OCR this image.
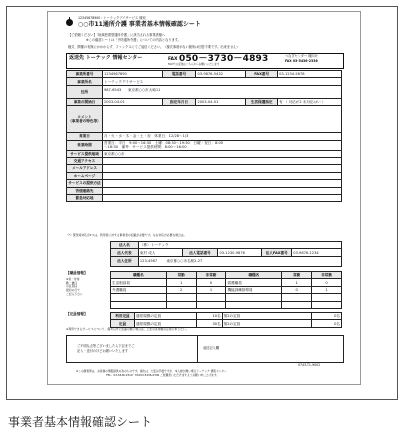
12345678900 : トーテックデイサービス 様宛
○○市11通所介護 事業者基本情報確認シート
【ご依頼ください】「地域密着型通所介護」に該当される事業者様へ
※この確認シートは「予防通所介護」についての内容となります。
様式、開催の有無にかかわらず、ファックスにてご返信ください。（様式事項がない箇所は回答不要です。出来ません）
返送先 トーテック 情報センター	FAX 050－3730－4893
FAXでの返送はこちらからお願いいたします
つなぎセンター 様向け
FAX 03-5436-2336
事業所番号	1234567890	電話番号	03-9876-5432	FAX番号	03-1234-5678
事業所名	トーテックデイサービス				
住所	987-6543 東京都○○市大崎11				

事業の開始日	2003-04-01	指定年月日	2003-04-01	生活保護指定	有 （ 対応が2 未対応はい ）

コメント
（事業者の特色等）					

営業日	月・火・水・木・金・土・祝　休業日：12/28～1/3				
営業時間	営業日：平日　9:00～16:30　土曜：08:30～19:30　日曜・祝日：8:00
～16:30　備考：サービス提供時間：8:00～16:00				

サービス提供地域	東京都○○市				
交通アクセス					
メールアドレス					
ホームページ					
サービスの提供方法					
苦情連絡先					
緊急対応地					
（*）緊急時対応が1つは、利用者に対する事業者の記載が必要です。なお対応が必要な場合は。
法人名	（株）トーテック				
法人代表	東村 成人	法人電話番号	03-1230-9876	法人FAX番号	03-9876-1234
法人住所	123-4567 東京都○○市名駅2-27				
【職員情報】
※常・非常
勤・兼任
の区別は
最初の行で
ご記入下さい
職種名	常勤	非常勤	職種名	常勤	非常勤
生活相談員	1	0	看護職員	1	0
介護職員	2	1	機能訓練指導員	0	1

【定員情報】
利用定員	通常規模の定員	10名	第2の定員	0名
定員	通常規模の定員	30名	第2の定員	0名
※利用できるサービスについて、備考以外に記載の無い場合は、上記の各規模の定員に準じたい。
ご不明な点等ございましたら下記までご
記入・送付のほどお願いいたします
返信記入欄
0743-T1-9002
※この調査票は、お客様の情報提供の為のものです。提出は、大変お手数ですが、本人様が無い場合トーテック 情報センター
TEL：03-5436-2319・FAX03-5436-2336 ご依頼書いただけますようお願い申し上げます。
事業者基本情報確認シート
